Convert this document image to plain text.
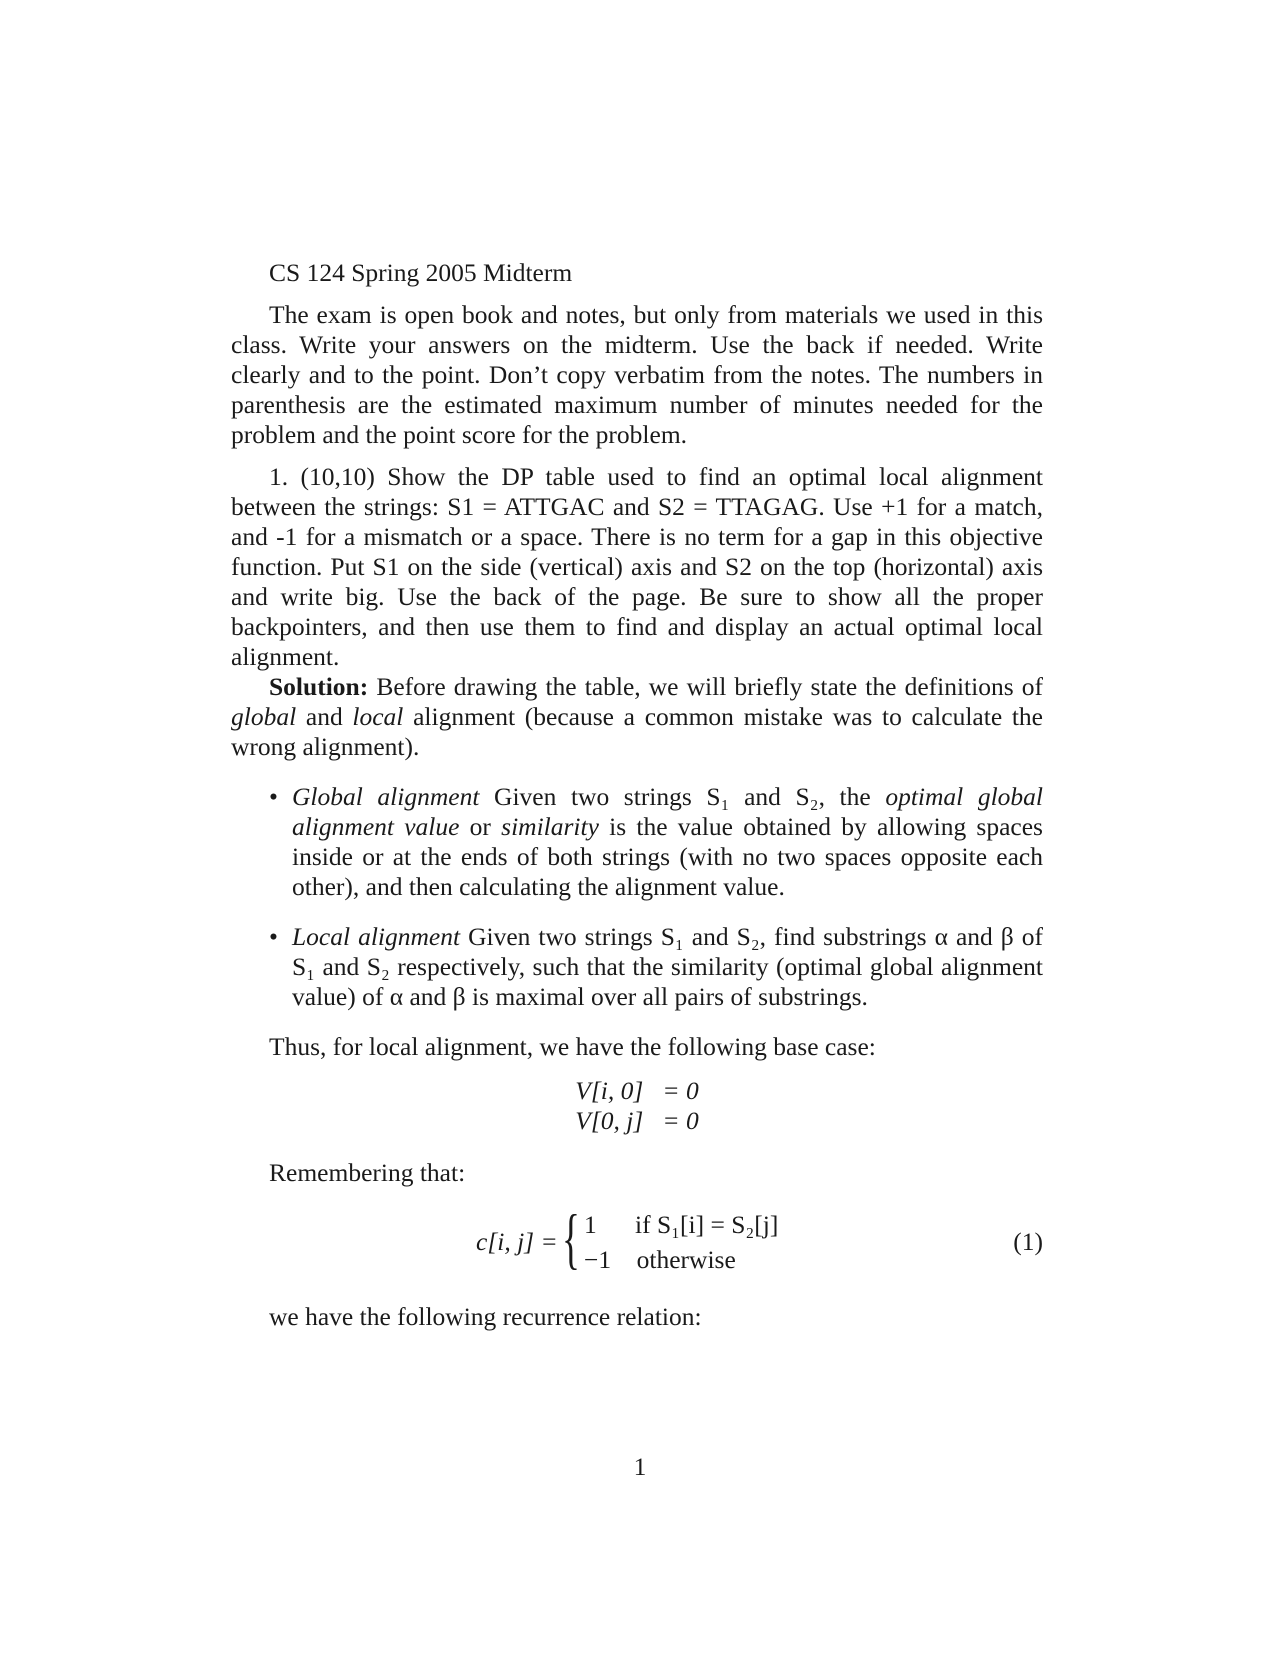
CS 124 Spring 2005 Midterm

The exam is open book and notes, but only from materials we used in this class. Write your answers on the midterm. Use the back if needed. Write clearly and to the point. Don’t copy verbatim from the notes. The numbers in parenthesis are the estimated maximum number of minutes needed for the problem and the point score for the problem.

1. (10,10) Show the DP table used to find an optimal local alignment between the strings: S1 = ATTGAC and S2 = TTAGAG. Use +1 for a match, and -1 for a mismatch or a space. There is no term for a gap in this objective function. Put S1 on the side (vertical) axis and S2 on the top (horizontal) axis and write big. Use the back of the page. Be sure to show all the proper backpointers, and then use them to find and display an actual optimal local alignment.

Solution: Before drawing the table, we will briefly state the definitions of global and local alignment (because a common mistake was to calculate the wrong alignment).

• Global alignment Given two strings S₁ and S₂, the optimal global alignment value or similarity is the value obtained by allowing spaces inside or at the ends of both strings (with no two spaces opposite each other), and then calculating the alignment value.
• Local alignment Given two strings S₁ and S₂, find substrings α and β of S₁ and S₂ respectively, such that the similarity (optimal global alignment value) of α and β is maximal over all pairs of substrings.

Thus, for local alignment, we have the following base case:

V[i, 0]   = 0
V[0, j]   = 0

Remembering that:

c[i, j] = { 1      if S₁[i] = S₂[j]
−1    otherwise
(1)

we have the following recurrence relation:

1
